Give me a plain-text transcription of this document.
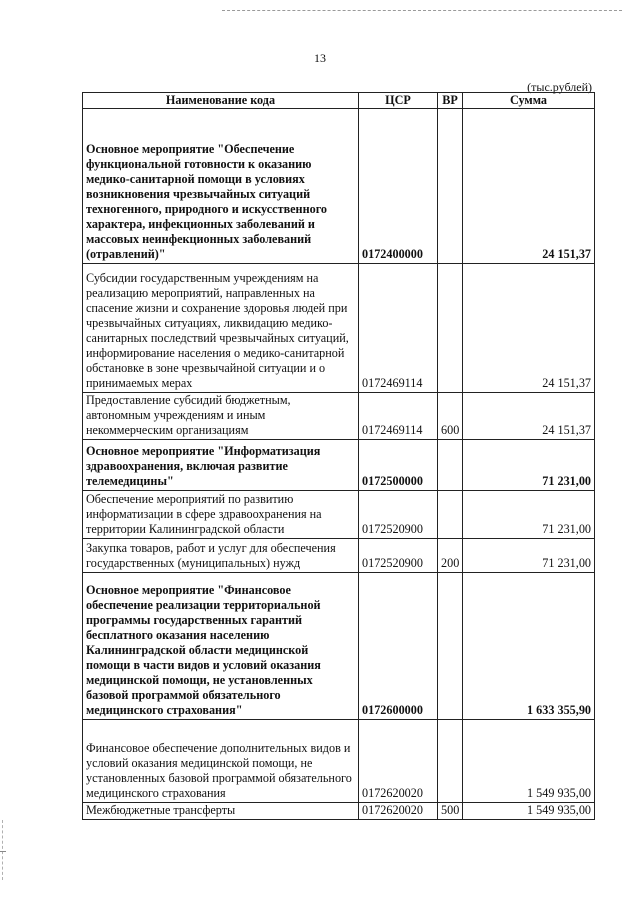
13
(тыс.рублей)
Наименование кода	ЦСР	ВР	Сумма
Основное мероприятие "Обеспечение функциональной готовности к оказанию медико-санитарной помощи в условиях возникновения чрезвычайных ситуаций техногенного, природного и искусственного характера, инфекционных заболеваний и массовых неинфекционных заболеваний (отравлений)"	0172400000		24 151,37
Субсидии государственным учреждениям на реализацию мероприятий, направленных на спасение жизни и сохранение здоровья людей при чрезвычайных ситуациях, ликвидацию медико-санитарных последствий чрезвычайных ситуаций, информирование населения о медико-санитарной обстановке в зоне чрезвычайной ситуации и о принимаемых мерах	0172469114		24 151,37
Предоставление субсидий бюджетным, автономным учреждениям и иным некоммерческим организациям	0172469114	600	24 151,37
Основное мероприятие "Информатизация здравоохранения, включая развитие телемедицины"	0172500000		71 231,00
Обеспечение мероприятий по развитию информатизации в сфере здравоохранения на территории Калининградской области	0172520900		71 231,00
Закупка товаров, работ и услуг для обеспечения государственных (муниципальных) нужд	0172520900	200	71 231,00
Основное мероприятие "Финансовое обеспечение реализации территориальной программы государственных гарантий бесплатного оказания населению Калининградской области медицинской помощи в части видов и условий оказания медицинской помощи, не установленных базовой программой обязательного медицинского страхования"	0172600000		1 633 355,90
Финансовое обеспечение дополнительных видов и условий оказания медицинской помощи, не установленных базовой программой обязательного медицинского страхования	0172620020		1 549 935,00
Межбюджетные трансферты	0172620020	500	1 549 935,00
